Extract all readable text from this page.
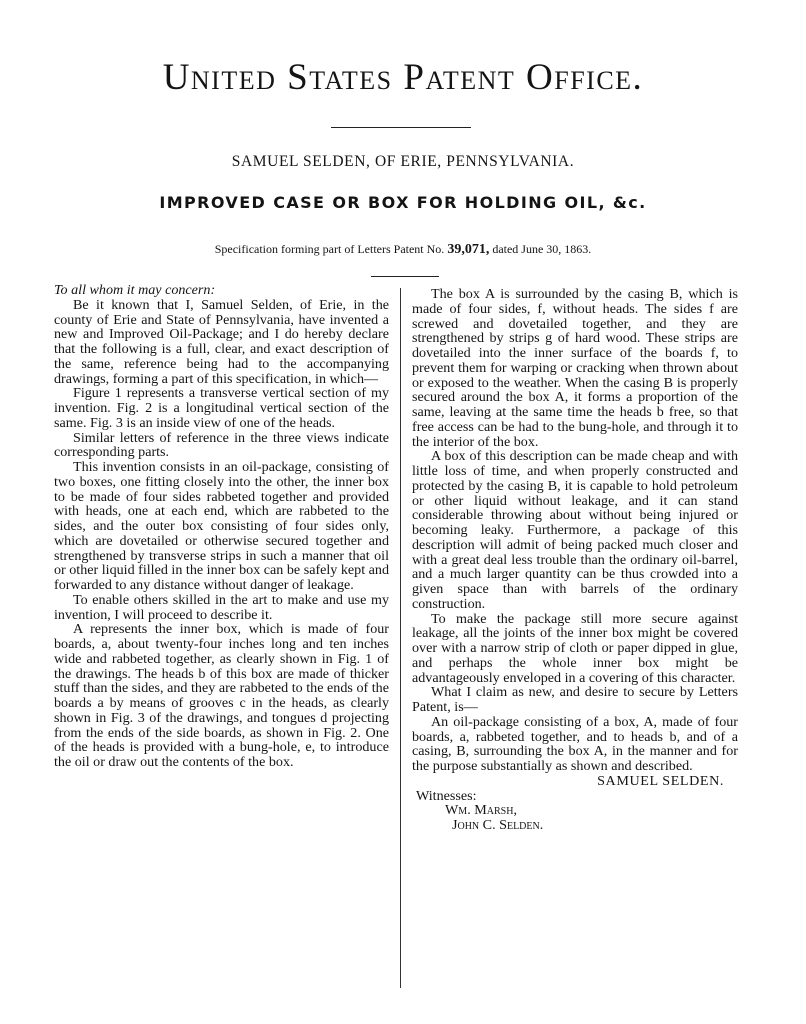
United States Patent Office.
SAMUEL SELDEN, OF ERIE, PENNSYLVANIA.
IMPROVED CASE OR BOX FOR HOLDING OIL, &c.
Specification forming part of Letters Patent No. 39,071, dated June 30, 1863.

To all whom it may concern:

Be it known that I, Samuel Selden, of Erie, in the county of Erie and State of Pennsylvania, have invented a new and Improved Oil-Package; and I do hereby declare that the following is a full, clear, and exact description of the same, reference being had to the accompanying drawings, forming a part of this specification, in which—

Figure 1 represents a transverse vertical section of my invention. Fig. 2 is a longitudinal vertical section of the same. Fig. 3 is an inside view of one of the heads.

Similar letters of reference in the three views indicate corresponding parts.

This invention consists in an oil-package, consisting of two boxes, one fitting closely into the other, the inner box to be made of four sides rabbeted together and provided with heads, one at each end, which are rabbeted to the sides, and the outer box consisting of four sides only, which are dovetailed or otherwise secured together and strengthened by transverse strips in such a manner that oil or other liquid filled in the inner box can be safely kept and forwarded to any distance without danger of leakage.

To enable others skilled in the art to make and use my invention, I will proceed to describe it.

A represents the inner box, which is made of four boards, a, about twenty-four inches long and ten inches wide and rabbeted together, as clearly shown in Fig. 1 of the drawings. The heads b of this box are made of thicker stuff than the sides, and they are rabbeted to the ends of the boards a by means of grooves c in the heads, as clearly shown in Fig. 3 of the drawings, and tongues d projecting from the ends of the side boards, as shown in Fig. 2. One of the heads is provided with a bung-hole, e, to introduce the oil or draw out the contents of the box.

The box A is surrounded by the casing B, which is made of four sides, f, without heads. The sides f are screwed and dovetailed together, and they are strengthened by strips g of hard wood. These strips are dovetailed into the inner surface of the boards f, to prevent them for warping or cracking when thrown about or exposed to the weather. When the casing B is properly secured around the box A, it forms a proportion of the same, leaving at the same time the heads b free, so that free access can be had to the bung-hole, and through it to the interior of the box.

A box of this description can be made cheap and with little loss of time, and when properly constructed and protected by the casing B, it is capable to hold petroleum or other liquid without leakage, and it can stand considerable throwing about without being injured or becoming leaky. Furthermore, a package of this description will admit of being packed much closer and with a great deal less trouble than the ordinary oil-barrel, and a much larger quantity can be thus crowded into a given space than with barrels of the ordinary construction.

To make the package still more secure against leakage, all the joints of the inner box might be covered over with a narrow strip of cloth or paper dipped in glue, and perhaps the whole inner box might be advantageously enveloped in a covering of this character.

What I claim as new, and desire to secure by Letters Patent, is—

An oil-package consisting of a box, A, made of four boards, a, rabbeted together, and to heads b, and of a casing, B, surrounding the box A, in the manner and for the purpose substantially as shown and described.

SAMUEL SELDEN.

Witnesses:

Wm. Marsh,

John C. Selden.
